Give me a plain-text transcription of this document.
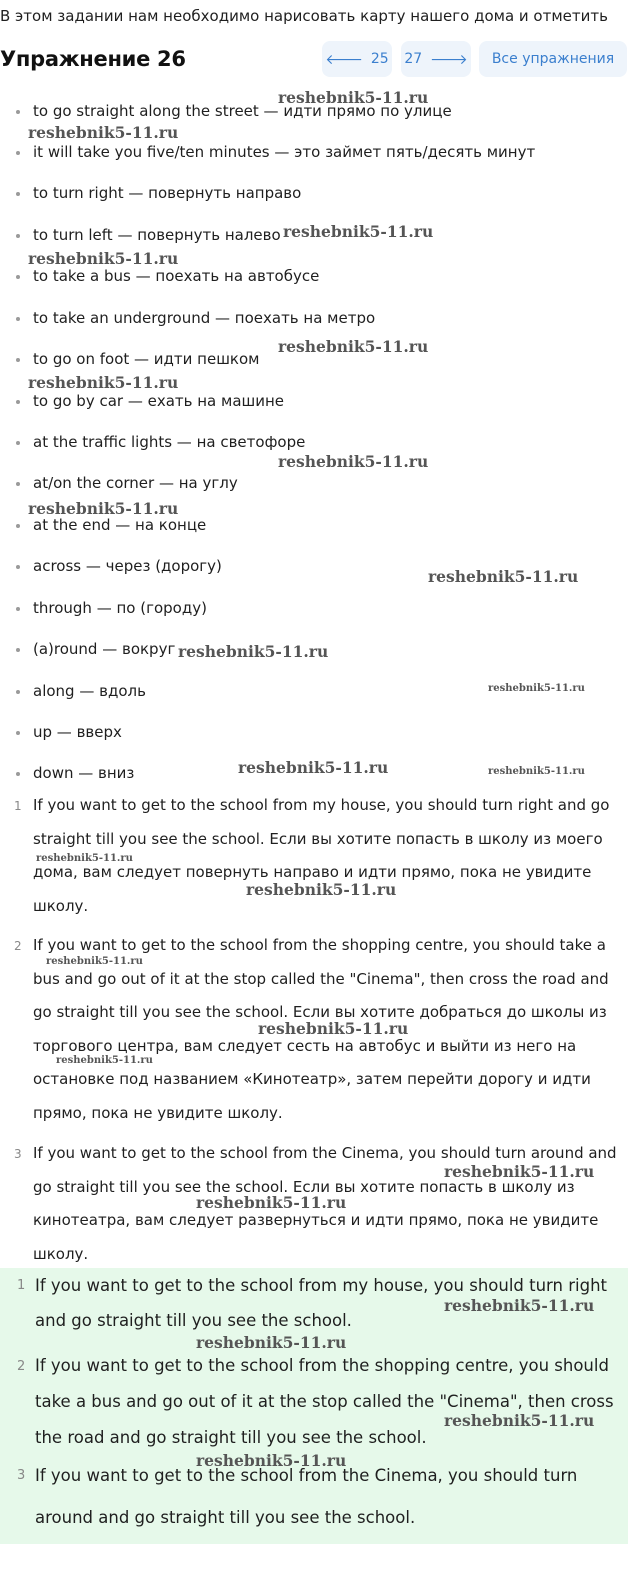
В этом задании нам необходимо нарисовать карту нашего дома и отметить
Упражнение 26	🡐 25 27 🡒 Все упражнения
to go straight along the street — идти прямо по улице
it will take you five/ten minutes — это займет пять/десять минут
to turn right — повернуть направо
to turn left — повернуть налево
to take a bus — поехать на автобусе
to take an underground — поехать на метро
to go on foot — идти пешком
to go by car — ехать на машине
at the traffic lights — на светофоре
at/on the corner — на углу
at the end — на конце
across — через (дорогу)
through — по (городу)
(a)round — вокруг
along — вдоль
up — вверх
down — вниз
1 If you want to get to the school from my house, you should turn right and go
straight till you see the school. Если вы хотите попасть в школу из моего
дома, вам следует повернуть направо и идти прямо, пока не увидите
школу.
2 If you want to get to the school from the shopping centre, you should take a
bus and go out of it at the stop called the "Cinema", then cross the road and
go straight till you see the school. Если вы хотите добраться до школы из
торгового центра, вам следует сесть на автобус и выйти из него на
остановке под названием «Кинотеатр», затем перейти дорогу и идти
прямо, пока не увидите школу.
3 If you want to get to the school from the Cinema, you should turn around and
go straight till you see the school. Если вы хотите попасть в школу из
кинотеатра, вам следует развернуться и идти прямо, пока не увидите
школу.
1 If you want to get to the school from my house, you should turn right
and go straight till you see the school.
2 If you want to get to the school from the shopping centre, you should
take a bus and go out of it at the stop called the "Cinema", then cross
the road and go straight till you see the school.
3 If you want to get to the school from the Cinema, you should turn
around and go straight till you see the school.
reshebnik5-11.ru
reshebnik5-11.ru
reshebnik5-11.ru
reshebnik5-11.ru
reshebnik5-11.ru
reshebnik5-11.ru
reshebnik5-11.ru
reshebnik5-11.ru
reshebnik5-11.ru
reshebnik5-11.ru
reshebnik5-11.ru
reshebnik5-11.ru	reshebnik5-11.ru
reshebnik5-11.ru
reshebnik5-11.ru
reshebnik5-11.ru
reshebnik5-11.ru
reshebnik5-11.ru
reshebnik5-11.ru
reshebnik5-11.ru
reshebnik5-11.ru
reshebnik5-11.ru
reshebnik5-11.ru
reshebnik5-11.ru
